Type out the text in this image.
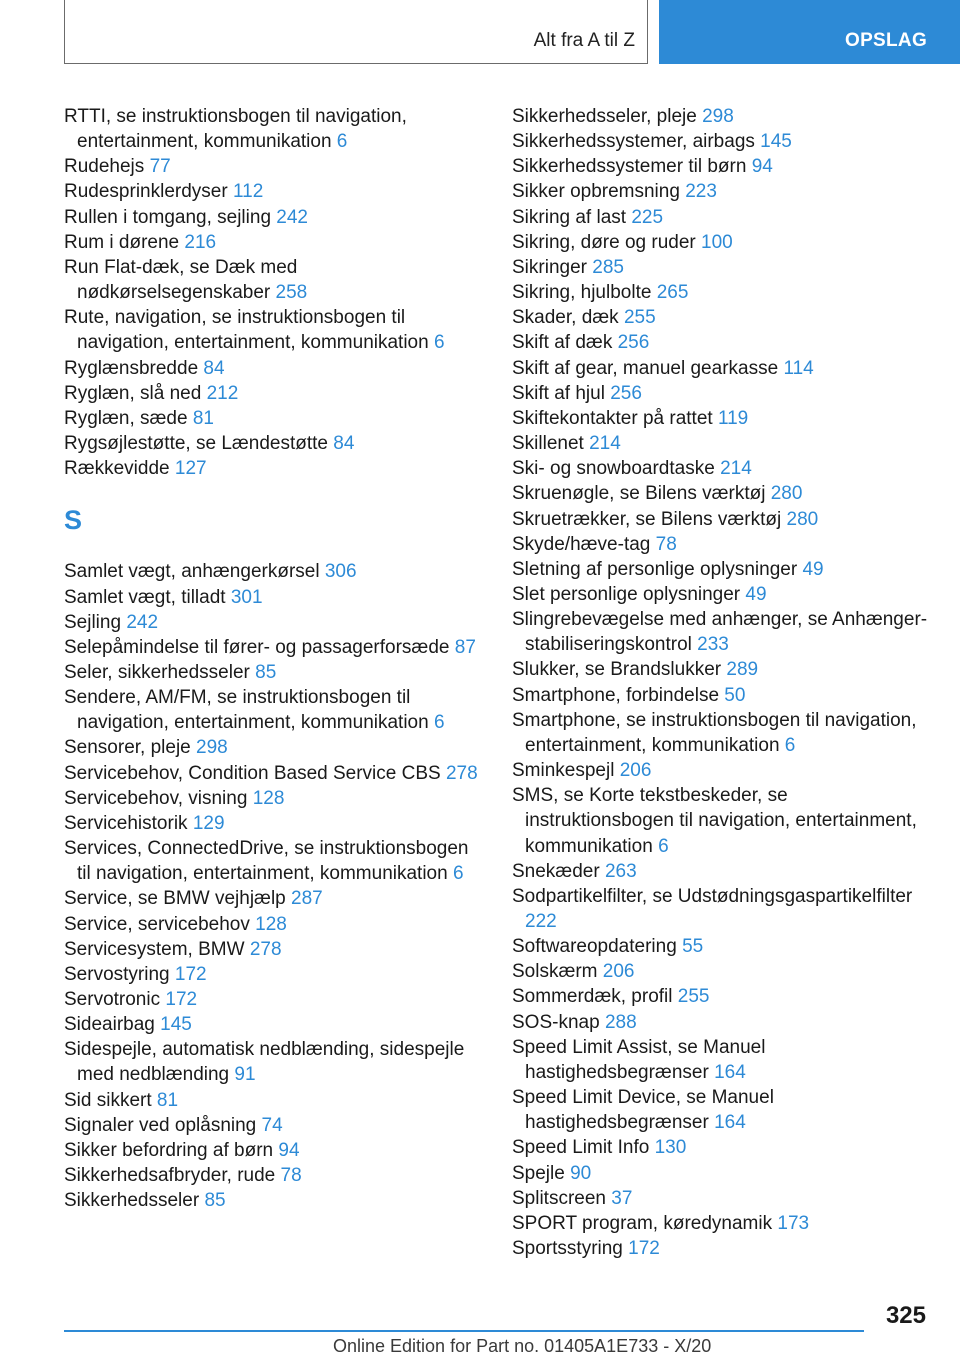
Alt fra A til Z	OPSLAG
RTTI, se instruktionsbogen til navigation, entertainment, kommunikation 6
Rudehejs 77
Rudesprinklerdyser 112
Rullen i tomgang, sejling 242
Rum i dørene 216
Run Flat-dæk, se Dæk med nødkørselsegenskaber 258
Rute, navigation, se instruktionsbogen til navigation, entertainment, kommunikation 6
Ryglænsbredde 84
Ryglæn, slå ned 212
Ryglæn, sæde 81
Rygsøjlestøtte, se Lændestøtte 84
Rækkevidde 127
S
Samlet vægt, anhængerkørsel 306
Samlet vægt, tilladt 301
Sejling 242
Selepåmindelse til fører- og passagerforsæde 87
Seler, sikkerhedsseler 85
Sendere, AM/FM, se instruktionsbogen til navigation, entertainment, kommunikation 6
Sensorer, pleje 298
Servicebehov, Condition Based Service CBS 278
Servicebehov, visning 128
Servicehistorik 129
Services, ConnectedDrive, se instruktionsbogen til navigation, entertainment, kommunikation 6
Service, se BMW vejhjælp 287
Service, servicebehov 128
Servicesystem, BMW 278
Servostyring 172
Servotronic 172
Sideairbag 145
Sidespejle, automatisk nedblænding, sidespejle med nedblænding 91
Sid sikkert 81
Signaler ved oplåsning 74
Sikker befordring af børn 94
Sikkerhedsafbryder, rude 78
Sikkerhedsseler 85
Sikkerhedsseler, pleje 298
Sikkerhedssystemer, airbags 145
Sikkerhedssystemer til børn 94
Sikker opbremsning 223
Sikring af last 225
Sikring, døre og ruder 100
Sikringer 285
Sikring, hjulbolte 265
Skader, dæk 255
Skift af dæk 256
Skift af gear, manuel gearkasse 114
Skift af hjul 256
Skiftekontakter på rattet 119
Skillenet 214
Ski- og snowboardtaske 214
Skruenøgle, se Bilens værktøj 280
Skruetrækker, se Bilens værktøj 280
Skyde/hæve-tag 78
Sletning af personlige oplysninger 49
Slet personlige oplysninger 49
Slingrebevægelse med anhænger, se Anhænger-stabiliseringskontrol 233
Slukker, se Brandslukker 289
Smartphone, forbindelse 50
Smartphone, se instruktionsbogen til navigation, entertainment, kommunikation 6
Sminkespejl 206
SMS, se Korte tekstbeskeder, se instruktionsbogen til navigation, entertainment, kommunikation 6
Snekæder 263
Sodpartikelfilter, se Udstødningsgaspartikelfilter 222
Softwareopdatering 55
Solskærm 206
Sommerdæk, profil 255
SOS-knap 288
Speed Limit Assist, se Manuel hastighedsbegrænser 164
Speed Limit Device, se Manuel hastighedsbegrænser 164
Speed Limit Info 130
Spejle 90
Splitscreen 37
SPORT program, køredynamik 173
Sportsstyring 172
325
Online Edition for Part no. 01405A1E733 - X/20
